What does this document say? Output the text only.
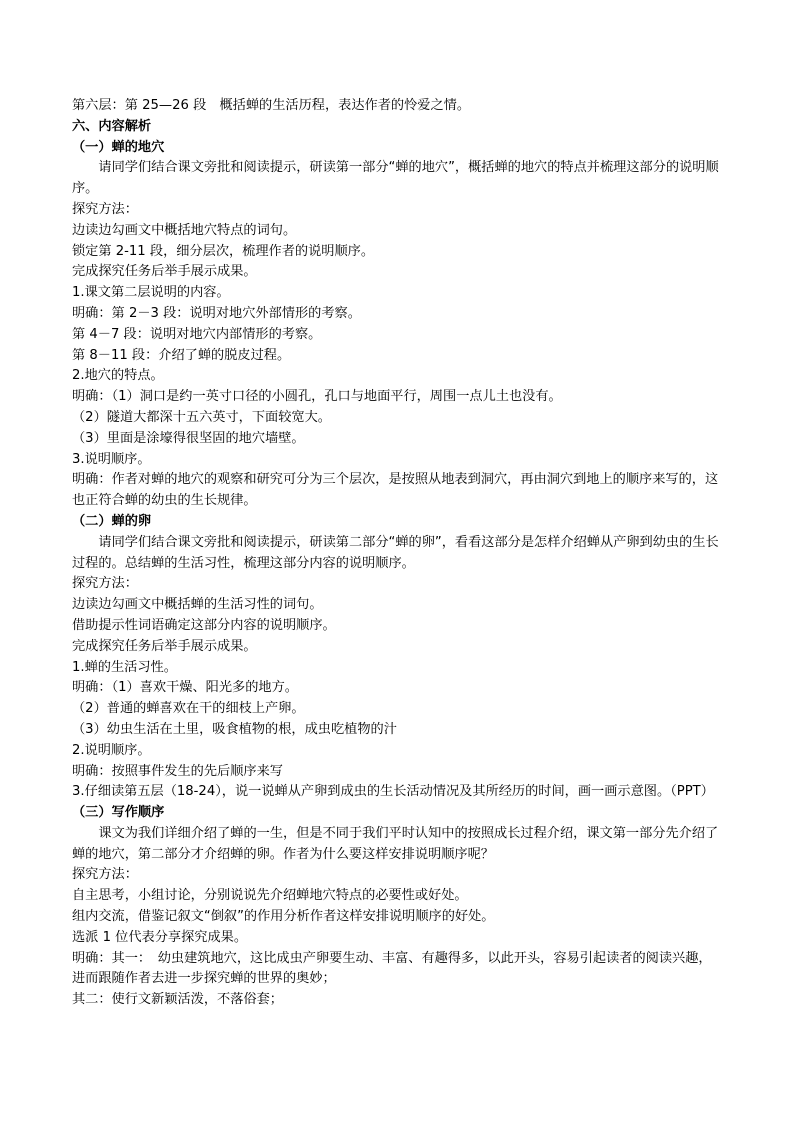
第六层：第 25—26 段　概括蝉的生活历程，表达作者的怜爱之情。
六、内容解析
（一）蝉的地穴
请同学们结合课文旁批和阅读提示，研读第一部分“蝉的地穴”，概括蝉的地穴的特点并梳理这部分的说明顺序。
探究方法：
边读边勾画文中概括地穴特点的词句。
锁定第 2-11 段，细分层次，梳理作者的说明顺序。
完成探究任务后举手展示成果。
1.课文第二层说明的内容。
明确：第 2－3 段：说明对地穴外部情形的考察。
第 4－7 段：说明对地穴内部情形的考察。
第 8－11 段：介绍了蝉的脱皮过程。
2.地穴的特点。
明确：（1）洞口是约一英寸口径的小圆孔，孔口与地面平行，周围一点儿土也没有。
（2）隧道大都深十五六英寸，下面较宽大。
（3）里面是涂壕得很坚固的地穴墙壁。
3.说明顺序。
明确：作者对蝉的地穴的观察和研究可分为三个层次，是按照从地表到洞穴，再由洞穴到地上的顺序来写的，这也正符合蝉的幼虫的生长规律。
（二）蝉的卵
请同学们结合课文旁批和阅读提示，研读第二部分“蝉的卵”，看看这部分是怎样介绍蝉从产卵到幼虫的生长过程的。总结蝉的生活习性，梳理这部分内容的说明顺序。
探究方法：
边读边勾画文中概括蝉的生活习性的词句。
借助提示性词语确定这部分内容的说明顺序。
完成探究任务后举手展示成果。
1.蝉的生活习性。
明确：（1）喜欢干燥、阳光多的地方。
（2）普通的蝉喜欢在干的细枝上产卵。
（3）幼虫生活在土里，吸食植物的根，成虫吃植物的汁
2.说明顺序。
明确：按照事件发生的先后顺序来写
3.仔细读第五层（18-24），说一说蝉从产卵到成虫的生长活动情况及其所经历的时间，画一画示意图。（PPT）
（三）写作顺序
课文为我们详细介绍了蝉的一生，但是不同于我们平时认知中的按照成长过程介绍，课文第一部分先介绍了蝉的地穴，第二部分才介绍蝉的卵。作者为什么要这样安排说明顺序呢？
探究方法：
自主思考，小组讨论，分别说说先介绍蝉地穴特点的必要性或好处。
组内交流，借鉴记叙文“倒叙”的作用分析作者这样安排说明顺序的好处。
选派 1 位代表分享探究成果。
明确：其一：　幼虫建筑地穴，这比成虫产卵要生动、丰富、有趣得多，以此开头，容易引起读者的阅读兴趣，进而跟随作者去进一步探究蝉的世界的奥妙；
其二：使行文新颖活泼，不落俗套；
